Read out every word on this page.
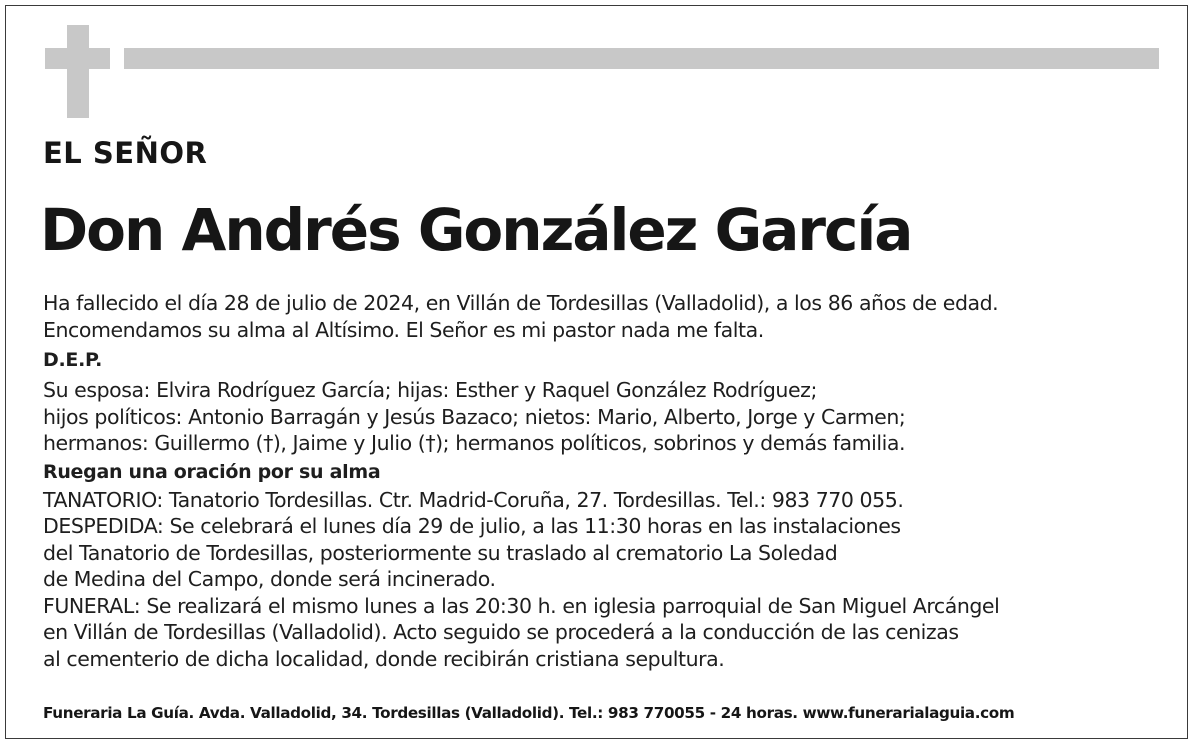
EL SEÑOR
Don Andrés González García
Ha fallecido el día 28 de julio de 2024, en Villán de Tordesillas (Valladolid), a los 86 años de edad.
Encomendamos su alma al Altísimo. El Señor es mi pastor nada me falta.
D.E.P.
Su esposa: Elvira Rodríguez García; hijas: Esther y Raquel González Rodríguez;
hijos políticos: Antonio Barragán y Jesús Bazaco; nietos: Mario, Alberto, Jorge y Carmen;
hermanos: Guillermo (†), Jaime y Julio (†); hermanos políticos, sobrinos y demás familia.
Ruegan una oración por su alma
TANATORIO: Tanatorio Tordesillas. Ctr. Madrid-Coruña, 27. Tordesillas. Tel.: 983 770 055.
DESPEDIDA: Se celebrará el lunes día 29 de julio, a las 11:30 horas en las instalaciones
del Tanatorio de Tordesillas, posteriormente su traslado al crematorio La Soledad
de Medina del Campo, donde será incinerado.
FUNERAL: Se realizará el mismo lunes a las 20:30 h. en iglesia parroquial de San Miguel Arcángel
en Villán de Tordesillas (Valladolid). Acto seguido se procederá a la conducción de las cenizas
al cementerio de dicha localidad, donde recibirán cristiana sepultura.
Funeraria La Guía. Avda. Valladolid, 34. Tordesillas (Valladolid). Tel.: 983 770055 - 24 horas. www.funerarialaguia.com
